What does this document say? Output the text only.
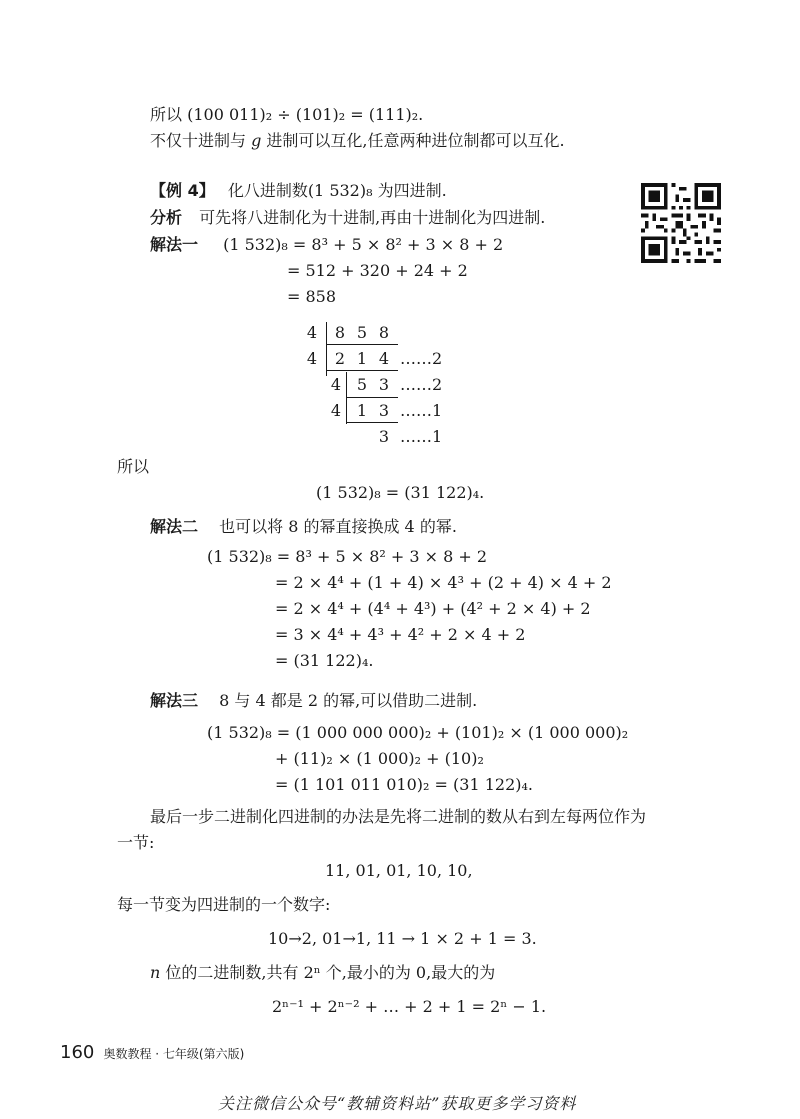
所以 (100 011)₂ ÷ (101)₂ = (111)₂.
不仅十进制与 g 进制可以互化,任意两种进位制都可以互化.
【例 4】 化八进制数(1 532)₈ 为四进制.
分析 可先将八进制化为十进制,再由十进制化为四进制.
解法一 (1 532)₈ = 8³ + 5 × 8² + 3 × 8 + 2
= 512 + 320 + 24 + 2
= 858
4	8 5 8
4	2 1 4 ……2
4 5 3 ……2
4 1 3 ……1
3 ……1
所以
(1 532)₈ = (31 122)₄.
解法二 也可以将 8 的幂直接换成 4 的幂.
(1 532)₈ = 8³ + 5 × 8² + 3 × 8 + 2
= 2 × 4⁴ + (1 + 4) × 4³ + (2 + 4) × 4 + 2
= 2 × 4⁴ + (4⁴ + 4³) + (4² + 2 × 4) + 2
= 3 × 4⁴ + 4³ + 4² + 2 × 4 + 2
= (31 122)₄.
解法三 8 与 4 都是 2 的幂,可以借助二进制.
(1 532)₈ = (1 000 000 000)₂ + (101)₂ × (1 000 000)₂
+ (11)₂ × (1 000)₂ + (10)₂
= (1 101 011 010)₂ = (31 122)₄.
最后一步二进制化四进制的办法是先将二进制的数从右到左每两位作为
一节:
11, 01, 01, 10, 10,
每一节变为四进制的一个数字:
10→2, 01→1, 11 → 1 × 2 + 1 = 3.
n 位的二进制数,共有 2ⁿ 个,最小的为 0,最大的为
2ⁿ⁻¹ + 2ⁿ⁻² + … + 2 + 1 = 2ⁿ − 1.
160 奥数教程 · 七年级(第六版)
关注微信公众号“教辅资料站”获取更多学习资料
